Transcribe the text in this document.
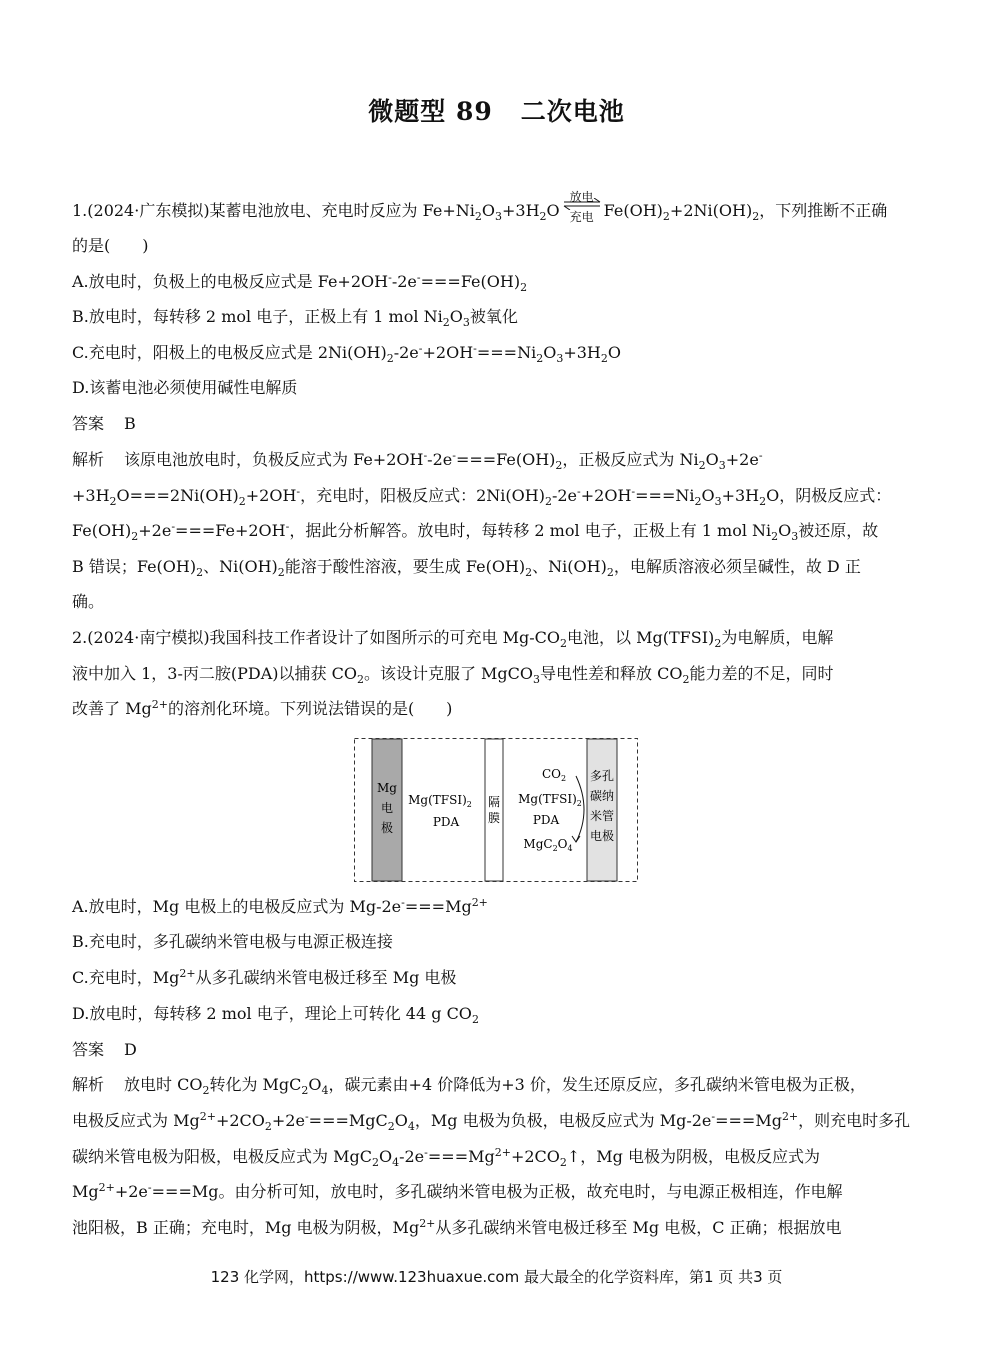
微题型 89 二次电池
1.(2024·广东模拟)某蓄电池放电、充电时反应为 $Fe+Ni_2O_3+3H_2O$
放电
充电 $Fe(OH)_2+2Ni(OH)_2$，下列推断不正确
的是(　　)
A.放电时，负极上的电极反应式是 $Fe+2OH^--2e^-===Fe(OH)_2$
B.放电时，每转移 2 mol 电子，正极上有 1 mol $Ni_2O_3$被氧化
C.充电时，阳极上的电极反应式是 $2Ni(OH)_2-2e^-+2OH^-===Ni_2O_3+3H_2O$
D.该蓄电池必须使用碱性电解质
答案 B
解析 该原电池放电时，负极反应式为 $Fe+2OH^--2e^-===Fe(OH)_2$，正极反应式为 $Ni_2O_3+2e^-$
$+3H_2O===2Ni(OH)_2+2OH^-$，充电时，阳极反应式：$2Ni(OH)_2-2e^-+2OH^-===Ni_2O_3+3H_2O$，阴极反应式：
$Fe(OH)_2+2e^-===Fe+2OH^-$，据此分析解答。放电时，每转移 2 mol 电子，正极上有 1 mol $Ni_2O_3$被还原，故
B 错误；$Fe(OH)_2$、$Ni(OH)_2$能溶于酸性溶液，要生成 $Fe(OH)_2$、$Ni(OH)_2$，电解质溶液必须呈碱性，故 D 正
确。
2.(2024·南宁模拟)我国科技工作者设计了如图所示的可充电 $Mg-CO_2$电池，以 $Mg(TFSI)_2$为电解质，电解
液中加入 1，3-丙二胺(PDA)以捕获 $CO_2$。该设计克服了 MgCO$_3$导电性差和释放 $CO_2$能力差的不足，同时
改善了 $Mg^{2+}$的溶剂化环境。下列说法错误的是(　　)
Mg
电
极
$Mg(TFSI)_2$
PDA
隔
膜
$CO_2$
$Mg(TFSI)_2$
PDA
$MgC_2O_4$
多孔
碳纳
米管
电极
A.放电时，Mg 电极上的电极反应式为 $Mg-2e^-===Mg^{2+}$
B.充电时，多孔碳纳米管电极与电源正极连接
C.充电时，$Mg^{2+}$从多孔碳纳米管电极迁移至 Mg 电极
D.放电时，每转移 2 mol 电子，理论上可转化 44 g $CO_2$
答案 D
解析 放电时 $CO_2$转化为 $MgC_2O_4$，碳元素由+4 价降低为+3 价，发生还原反应，多孔碳纳米管电极为正极，
电极反应式为 $Mg^{2+}+2CO_2+2e^-===MgC_2O_4$，Mg 电极为负极，电极反应式为 $Mg-2e^-===Mg^{2+}$，则充电时多孔
碳纳米管电极为阳极，电极反应式为 $MgC_2O_4-2e^-===Mg^{2+}+2CO_2↑$，Mg 电极为阴极，电极反应式为
$Mg^{2+}+2e^-===Mg$。由分析可知，放电时，多孔碳纳米管电极为正极，故充电时，与电源正极相连，作电解
池阳极，B 正确；充电时，Mg 电极为阴极，$Mg^{2+}$从多孔碳纳米管电极迁移至 Mg 电极，C 正确；根据放电
123 化学网，https://www.123huaxue.com 最大最全的化学资料库，第1 页 共3 页
